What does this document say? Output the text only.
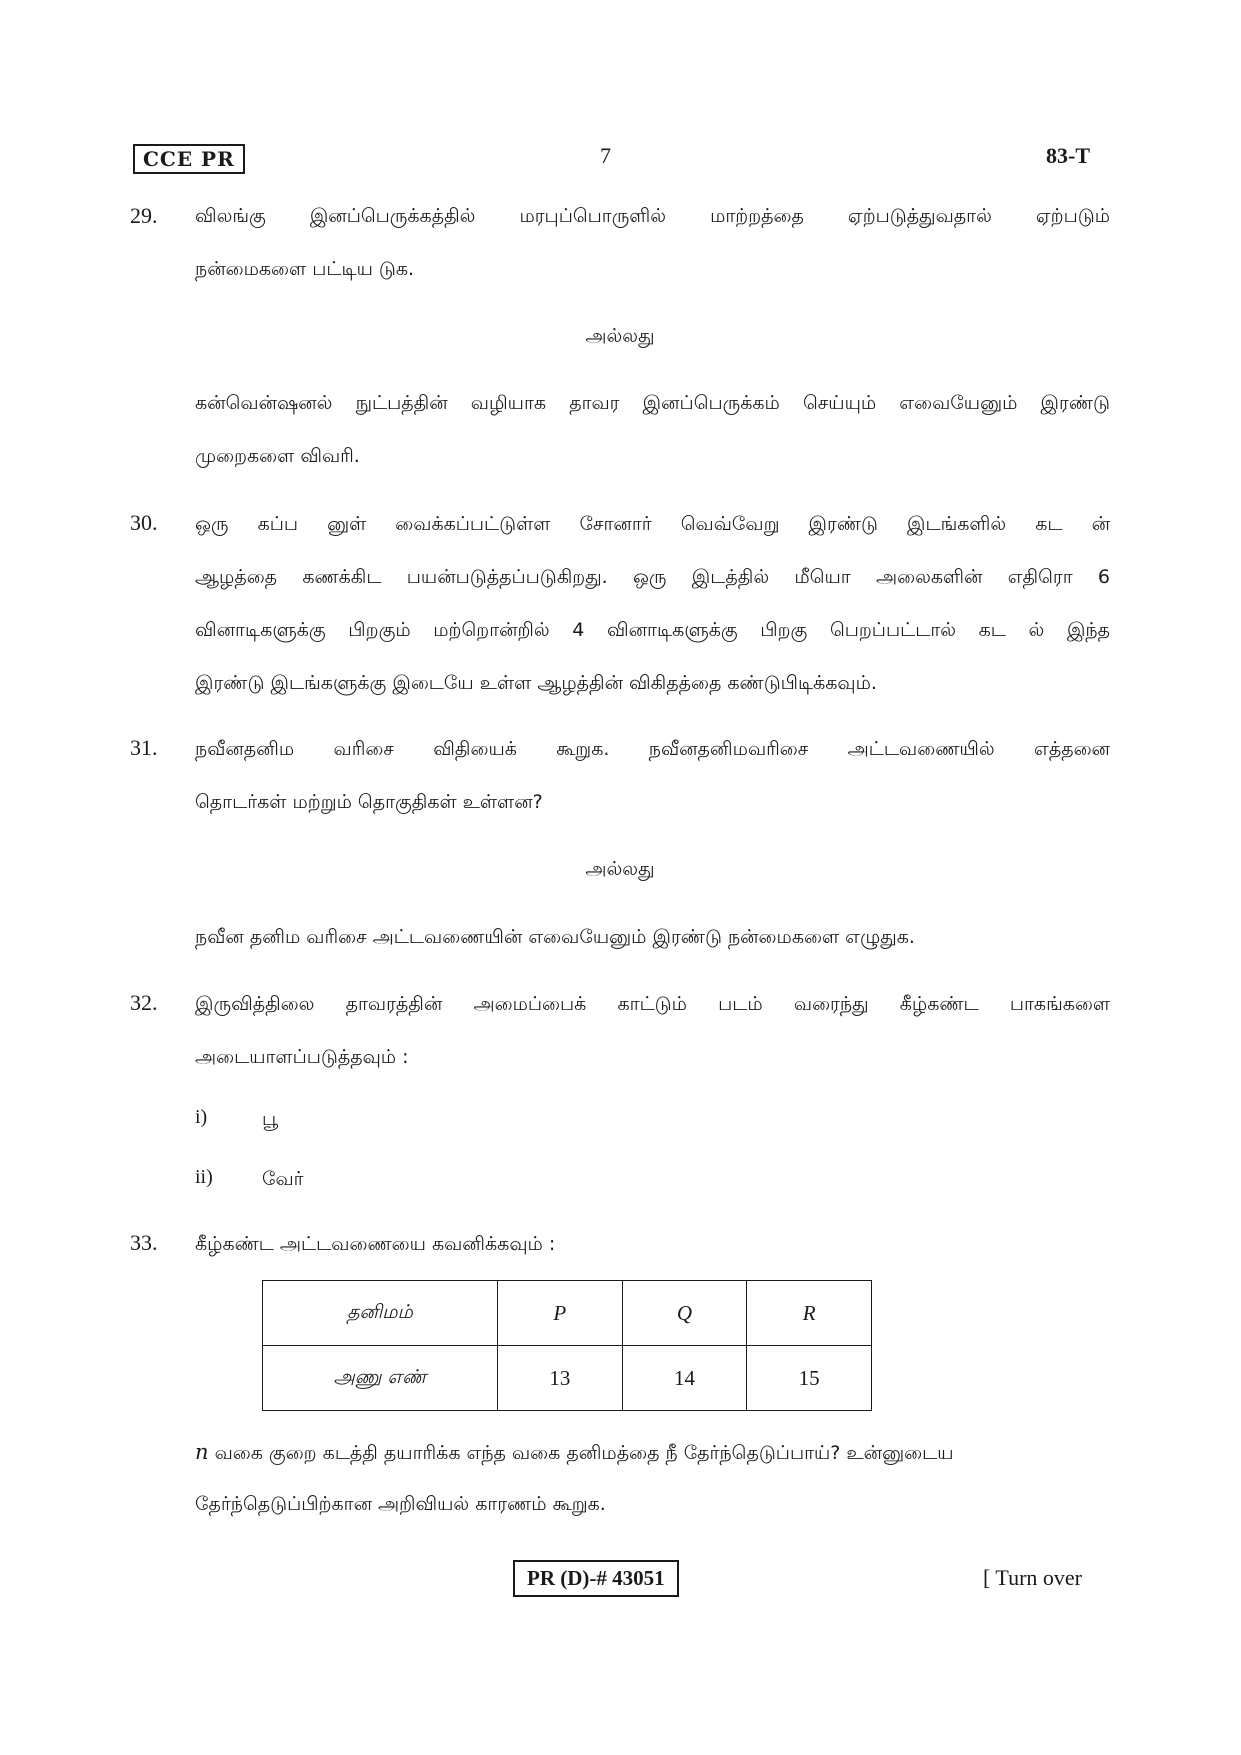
CCE PR	7	83-T
29. விலங்கு இனப்பெருக்கத்தில் மரபுப்பொருளில் மாற்றத்தை ஏற்படுத்துவதால் ஏற்படும்
நன்மைகளை பட்டிய டுக.
அல்லது
கன்வென்ஷனல் நுட்பத்தின் வழியாக தாவர இனப்பெருக்கம் செய்யும் எவையேனும் இரண்டு
முறைகளை விவரி.
30. ஒரு கப்ப னுள் வைக்கப்பட்டுள்ள சோனார் வெவ்வேறு இரண்டு இடங்களில் கட ன்
ஆழத்தை கணக்கிட பயன்படுத்தப்படுகிறது. ஒரு இடத்தில் மீயொ அலைகளின் எதிரொ 6
வினாடிகளுக்கு பிறகும் மற்றொன்றில் 4 வினாடிகளுக்கு பிறகு பெறப்பட்டால் கட ல் இந்த
இரண்டு இடங்களுக்கு இடையே உள்ள ஆழத்தின் விகிதத்தை கண்டுபிடிக்கவும்.
31. நவீனதனிம வரிசை விதியைக் கூறுக. நவீனதனிமவரிசை அட்டவணையில் எத்தனை
தொடர்கள் மற்றும் தொகுதிகள் உள்ளன?
அல்லது
நவீன தனிம வரிசை அட்டவணையின் எவையேனும் இரண்டு நன்மைகளை எழுதுக.
32. இருவித்திலை தாவரத்தின் அமைப்பைக் காட்டும் படம் வரைந்து கீழ்கண்ட பாகங்களை
அடையாளப்படுத்தவும் :
i)	பூ
ii)	வேர்
33. கீழ்கண்ட அட்டவணையை கவனிக்கவும் :
தனிமம்	P	Q	R
அணு எண்	13	14	15
n வகை குறை கடத்தி தயாரிக்க எந்த வகை தனிமத்தை நீ தேர்ந்தெடுப்பாய்? உன்னுடைய
தேர்ந்தெடுப்பிற்கான அறிவியல் காரணம் கூறுக.
PR (D)-# 43051	[ Turn over
